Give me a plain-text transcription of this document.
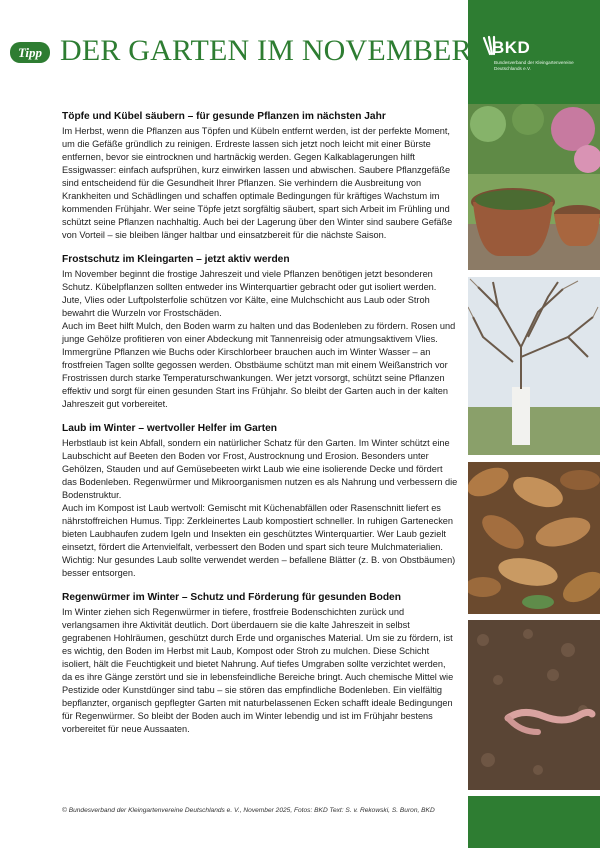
BKD
Bundesverband der Kleingartenvereine Deutschlands e.V.
Tipp DER GARTEN IM NOVEMBER
Töpfe und Kübel säubern – für gesunde Pflanzen im nächsten Jahr

Im Herbst, wenn die Pflanzen aus Töpfen und Kübeln entfernt werden, ist der perfekte Moment, um die Gefäße gründlich zu reinigen. Erdreste lassen sich jetzt noch leicht mit einer Bürste entfernen, bevor sie eintrocknen und hartnäckig werden. Gegen Kalkablagerungen hilft Essigwasser: einfach aufsprühen, kurz einwirken lassen und abwischen. Saubere Pflanzgefäße sind entscheidend für die Gesundheit Ihrer Pflanzen. Sie verhindern die Ausbreitung von Krankheiten und Schädlingen und schaffen optimale Bedingungen für kräftiges Wachstum im kommenden Frühjahr. Wer seine Töpfe jetzt sorgfältig säubert, spart sich Arbeit im Frühling und schützt seine Pflanzen nachhaltig. Auch bei der Lagerung über den Winter sind saubere Gefäße von Vorteil – sie bleiben länger haltbar und einsatzbereit für die nächste Saison.

Frostschutz im Kleingarten – jetzt aktiv werden

Im November beginnt die frostige Jahreszeit und viele Pflanzen benötigen jetzt besonderen Schutz. Kübelpflanzen sollten entweder ins Winterquartier gebracht oder gut isoliert werden. Jute, Vlies oder Luftpolsterfolie schützen vor Kälte, eine Mulchschicht aus Laub oder Stroh bewahrt die Wurzeln vor Frostschäden.

Auch im Beet hilft Mulch, den Boden warm zu halten und das Bodenleben zu fördern. Rosen und junge Gehölze profitieren von einer Abdeckung mit Tannenreisig oder atmungsaktivem Vlies. Immergrüne Pflanzen wie Buchs oder Kirschlorbeer brauchen auch im Winter Wasser – an frostfreien Tagen sollte gegossen werden. Obstbäume schützt man mit einem Weißanstrich vor Frostrissen durch starke Temperaturschwankungen. Wer jetzt vorsorgt, schützt seine Pflanzen effektiv und sorgt für einen gesunden Start ins Frühjahr. So bleibt der Garten auch in der kalten Jahreszeit gut vorbereitet.

Laub im Winter – wertvoller Helfer im Garten

Herbstlaub ist kein Abfall, sondern ein natürlicher Schatz für den Garten. Im Winter schützt eine Laubschicht auf Beeten den Boden vor Frost, Austrocknung und Erosion. Besonders unter Gehölzen, Stauden und auf Gemüsebeeten wirkt Laub wie eine isolierende Decke und fördert das Bodenleben. Regenwürmer und Mikroorganismen nutzen es als Nahrung und verbessern die Bodenstruktur.

Auch im Kompost ist Laub wertvoll: Gemischt mit Küchenabfällen oder Rasenschnitt liefert es nährstoffreichen Humus. Tipp: Zerkleinertes Laub kompostiert schneller. In ruhigen Gartenecken bieten Laubhaufen zudem Igeln und Insekten ein geschütztes Winterquartier. Wer Laub gezielt einsetzt, fördert die Artenvielfalt, verbessert den Boden und spart sich teure Mulchmaterialien. Wichtig: Nur gesundes Laub sollte verwendet werden – befallene Blätter (z. B. von Obstbäumen) besser entsorgen.

Regenwürmer im Winter – Schutz und Förderung für gesunden Boden

Im Winter ziehen sich Regenwürmer in tiefere, frostfreie Bodenschichten zurück und verlangsamen ihre Aktivität deutlich. Dort überdauern sie die kalte Jahreszeit in selbst gegrabenen Hohlräumen, geschützt durch Erde und organisches Material. Um sie zu fördern, ist es wichtig, den Boden im Herbst mit Laub, Kompost oder Stroh zu mulchen. Diese Schicht isoliert, hält die Feuchtigkeit und bietet Nahrung. Auf tiefes Umgraben sollte verzichtet werden, da es ihre Gänge zerstört und sie in lebensfeindliche Bereiche bringt. Auch chemische Mittel wie Pestizide oder Kunstdünger sind tabu – sie stören das empfindliche Bodenleben. Ein vielfältig bepflanzter, organisch gepflegter Garten mit naturbelassenen Ecken schafft ideale Bedingungen für Regenwürmer. So bleibt der Boden auch im Winter lebendig und ist im Frühjahr bestens vorbereitet für neue Aussaaten.

© Bundesverband der Kleingartenvereine Deutschlands e. V., November 2025, Fotos: BKD Text: S. v. Rekowski, S. Buron, BKD
